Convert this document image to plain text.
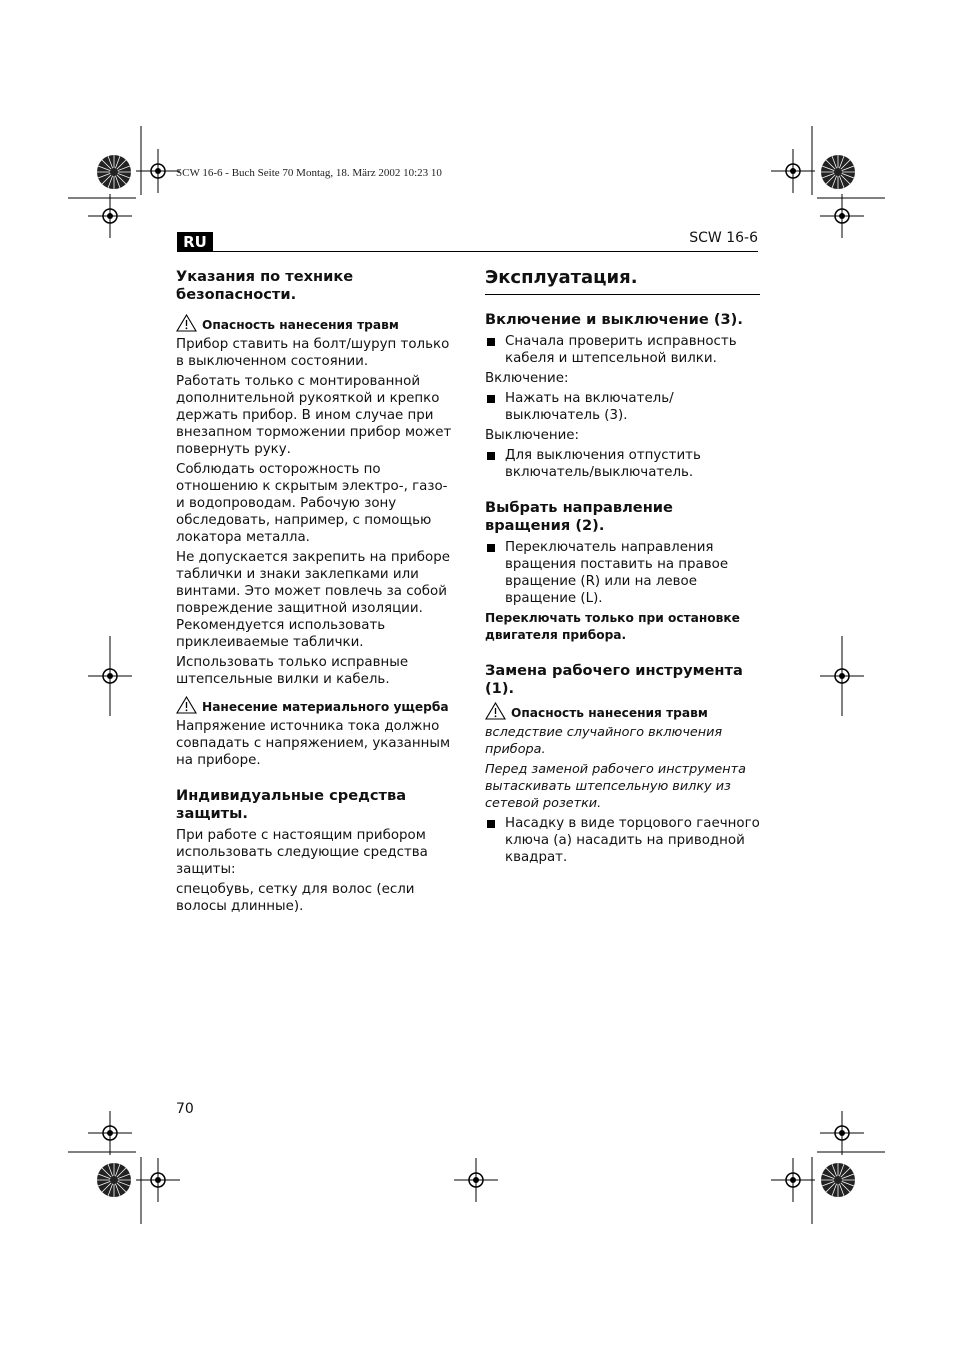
SCW 16-6 - Buch Seite 70 Montag, 18. März 2002 10:23 10
RU	SCW 16-6
Указания по технике безопасности.
Опасность нанесения травм

Прибор ставить на болт/шуруп только в выключенном состоянии.

Работать только с монтированной дополнительной рукояткой и крепко держать прибор. В ином случае при внезапном торможении прибор может повернуть руку.

Соблюдать осторожность по отношению к скрытым электро-, газо- и водопроводам. Рабочую зону обследовать, например, с помощью локатора металла.

Не допускается закрепить на приборе таблички и знаки заклепками или винтами. Это может повлечь за собой повреждение защитной изоляции. Рекомендуется использовать приклеиваемые таблички.

Использовать только исправные штепсельные вилки и кабель.

Нанесение материального ущерба

Напряжение источника тока должно совпадать с напряжением, указанным на приборе.

Индивидуальные средства защиты.

При работе с настоящим прибором использовать следующие средства защиты:

спецобувь, сетку для волос (если волосы длинные).

Эксплуатация.
Включение и выключение (3).
Сначала проверить исправность кабеля и штепсельной вилки.

Включение:

Нажать на включатель/выключатель (3).

Выключение:

Для выключения отпустить включатель/выключатель.
Выбрать направление вращения (2).
Переключатель направления вращения поставить на правое вращение (R) или на левое вращение (L).
Переключать только при остановке двигателя прибора.
Замена рабочего инструмента (1).
Опасность нанесения травм

вследствие случайного включения прибора.

Перед заменой рабочего инструмента вытаскивать штепсельную вилку из сетевой розетки.

Насадку в виде торцового гаечного ключа (a) насадить на приводной квадрат.
70
